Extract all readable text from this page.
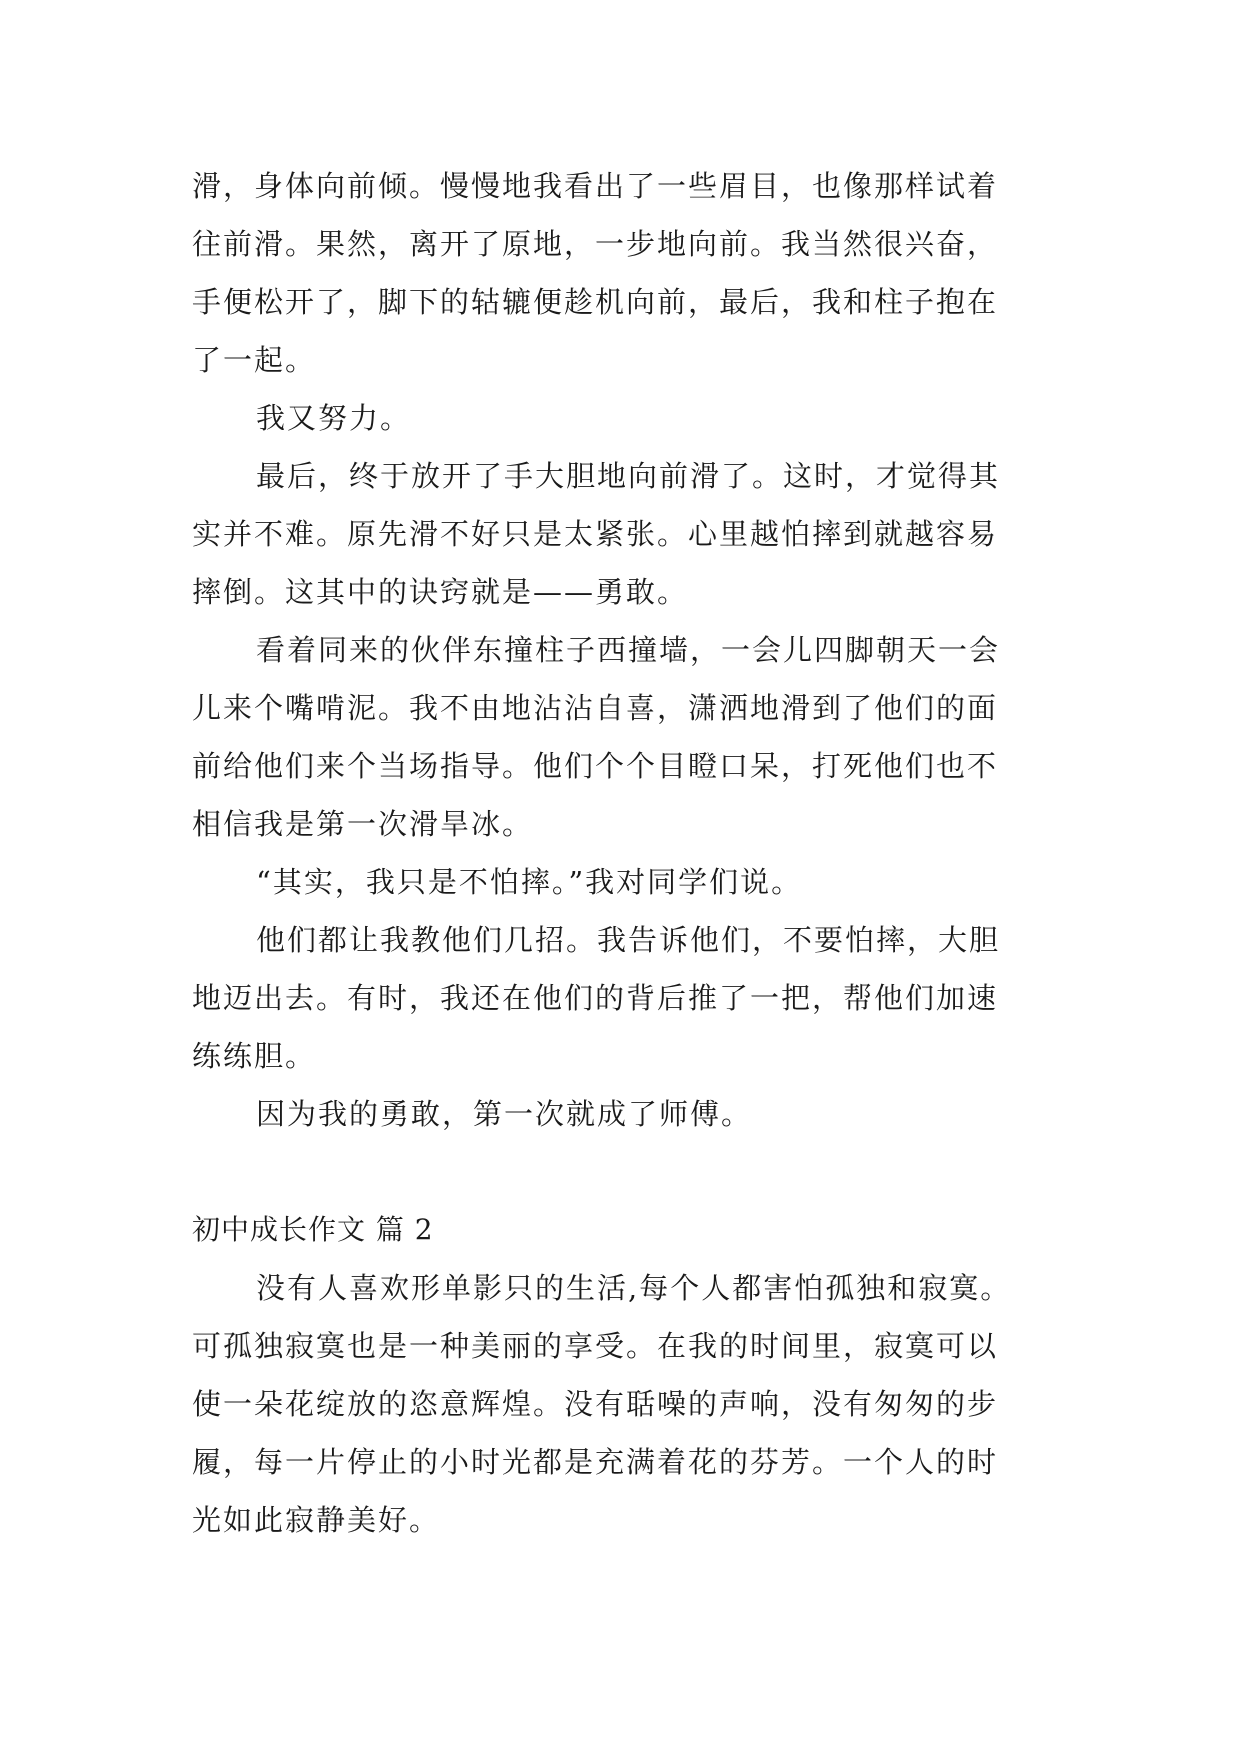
滑，身体向前倾。慢慢地我看出了一些眉目，也像那样试着
往前滑。果然，离开了原地，一步地向前。我当然很兴奋，
手便松开了，脚下的轱辘便趁机向前，最后，我和柱子抱在
了一起。
我又努力。
最后，终于放开了手大胆地向前滑了。这时，才觉得其
实并不难。原先滑不好只是太紧张。心里越怕摔到就越容易
摔倒。这其中的诀窍就是——勇敢。
看着同来的伙伴东撞柱子西撞墙，一会儿四脚朝天一会
儿来个嘴啃泥。我不由地沾沾自喜，潇洒地滑到了他们的面
前给他们来个当场指导。他们个个目瞪口呆，打死他们也不
相信我是第一次滑旱冰。
“其实，我只是不怕摔。”我对同学们说。
他们都让我教他们几招。我告诉他们，不要怕摔，大胆
地迈出去。有时，我还在他们的背后推了一把，帮他们加速
练练胆。
因为我的勇敢，第一次就成了师傅。
初中成长作文 篇 2
没有人喜欢形单影只的生活,每个人都害怕孤独和寂寞。
可孤独寂寞也是一种美丽的享受。在我的时间里，寂寞可以
使一朵花绽放的恣意辉煌。没有聒噪的声响，没有匆匆的步
履，每一片停止的小时光都是充满着花的芬芳。一个人的时
光如此寂静美好。
